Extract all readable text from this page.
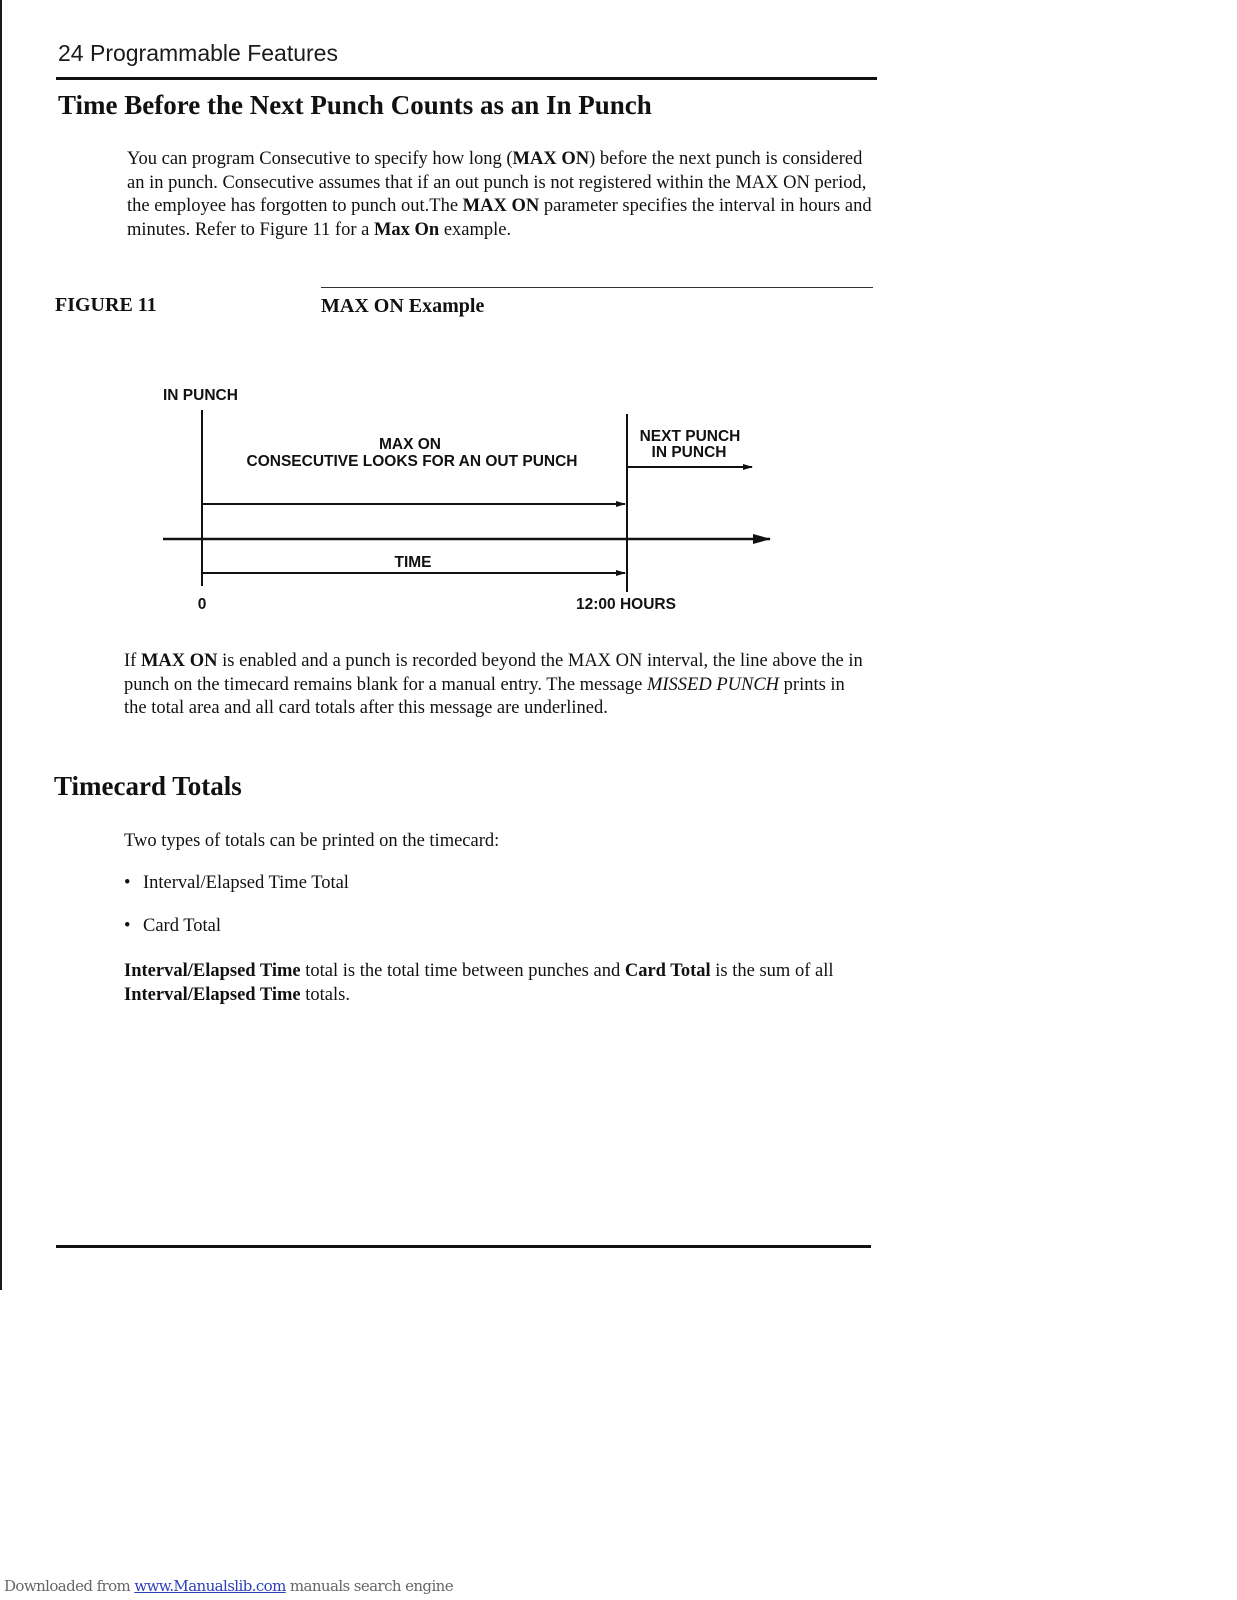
24 Programmable Features
Time Before the Next Punch Counts as an In Punch
You can program Consecutive to specify how long (MAX ON) before the next punch is considered an in punch. Consecutive assumes that if an out punch is not registered within the MAX ON period, the employee has forgotten to punch out.The MAX ON parameter specifies the interval in hours and minutes. Refer to Figure 11 for a Max On example.
FIGURE 11	MAX ON Example
IN PUNCH
MAX ON
CONSECUTIVE LOOKS FOR AN OUT PUNCH
NEXT PUNCH
IN PUNCH
TIME
0	12:00 HOURS
If MAX ON is enabled and a punch is recorded beyond the MAX ON interval, the line above the in punch on the timecard remains blank for a manual entry. The message MISSED PUNCH prints in the total area and all card totals after this message are underlined.
Timecard Totals
Two types of totals can be printed on the timecard:
• Interval/Elapsed Time Total
• Card Total
Interval/Elapsed Time total is the total time between punches and Card Total is the sum of all Interval/Elapsed Time totals.
Downloaded from www.Manualslib.com manuals search engine
